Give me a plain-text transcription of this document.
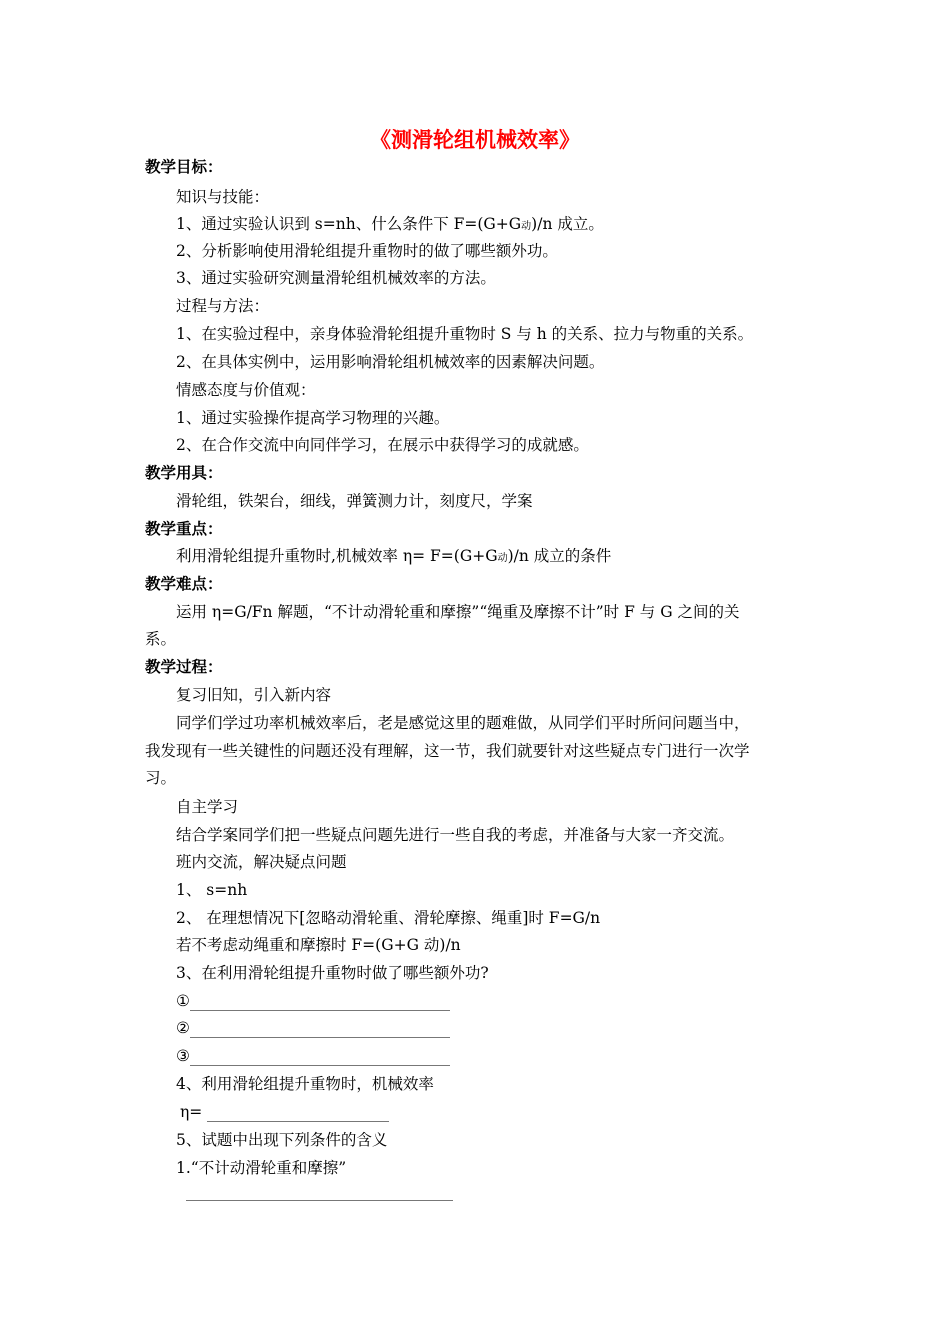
《测滑轮组机械效率》
教学目标：
知识与技能：
1、通过实验认识到 s=nh、什么条件下 F=(G+G动)/n 成立。
2、分析影响使用滑轮组提升重物时的做了哪些额外功。
3、通过实验研究测量滑轮组机械效率的方法。
过程与方法：
1、在实验过程中，亲身体验滑轮组提升重物时 S 与 h 的关系、拉力与物重的关系。
2、在具体实例中，运用影响滑轮组机械效率的因素解决问题。
情感态度与价值观：
1、通过实验操作提高学习物理的兴趣。
2、在合作交流中向同伴学习，在展示中获得学习的成就感。
教学用具：
滑轮组，铁架台，细线，弹簧测力计，刻度尺，学案
教学重点：
利用滑轮组提升重物时,机械效率 η= F=(G+G动)/n 成立的条件
教学难点：
运用 η=G/Fn 解题，“不计动滑轮重和摩擦”“绳重及摩擦不计”时 F 与 G 之间的关
系。
教学过程：
复习旧知，引入新内容
同学们学过功率机械效率后，老是感觉这里的题难做，从同学们平时所问问题当中，
我发现有一些关键性的问题还没有理解，这一节，我们就要针对这些疑点专门进行一次学
习。
自主学习
结合学案同学们把一些疑点问题先进行一些自我的考虑，并准备与大家一齐交流。
班内交流，解决疑点问题
1、 s=nh
2、 在理想情况下[忽略动滑轮重、滑轮摩擦、绳重]时 F=G/n
若不考虑动绳重和摩擦时 F=(G+G 动)/n
3、在利用滑轮组提升重物时做了哪些额外功?
①
②
③
4、利用滑轮组提升重物时，机械效率
η=
5、试题中出现下列条件的含义
1.“不计动滑轮重和摩擦”
